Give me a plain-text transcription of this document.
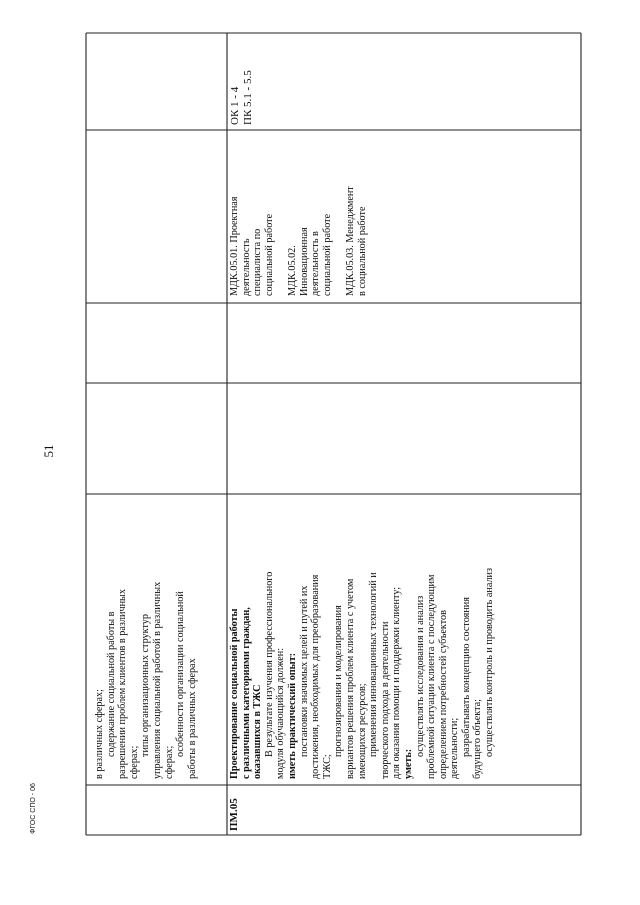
51
ФГОС СПО - 06
в различных сферах; содержание социальной работы в разрешении проблем клиентов в различных сферах;
типы организационных структур управления социальной работой в различных сферах;
особенности организации социальной работы в различных сферах
ПМ.05
Проектирование социальной работы с различными категориями граждан, оказавшихся в ТЖС В результате изучения профессионального модуля обучающийся должен: иметь практический опыт: постановки значимых целей и путей их достижения, необходимых для преобразования ТЖС;
прогнозирования и моделирования вариантов решения проблем клиента с учетом имеющихся ресурсов; применения инновационных технологий и творческого подхода в деятельности для оказания помощи и поддержки клиенту; уметь:
осуществлять исследования и анализ проблемной ситуации клиента с последующим определением потребностей субъектов деятельности; разрабатывать концепцию состояния будущего объекта; осуществлять контроль и проводить анализ
МДК.05.01. Проектная деятельность специалиста по социальной работе
МДК.05.02. Инновационная деятельность в социальной работе
МДК.05.03. Менеджмент в социальной работе
ОК 1 - 4 ПК 5.1 - 5.5
